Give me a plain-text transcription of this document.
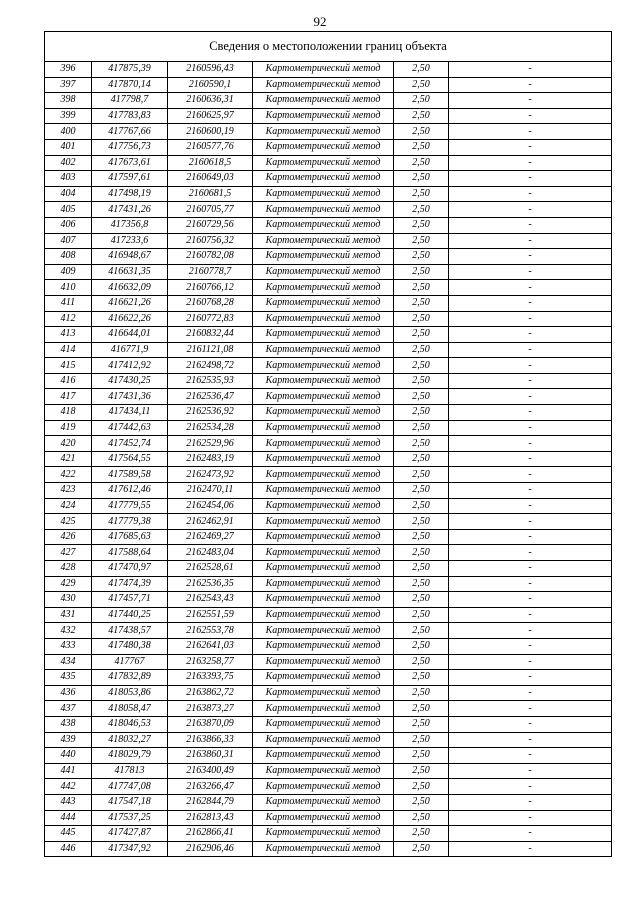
92
Сведения о местоположении границ объекта					
396	417875,39	2160596,43	Картометрический метод	2,50	-
397	417870,14	2160590,1	Картометрический метод	2,50	-
398	417798,7	2160636,31	Картометрический метод	2,50	-
399	417783,83	2160625,97	Картометрический метод	2,50	-
400	417767,66	2160600,19	Картометрический метод	2,50	-
401	417756,73	2160577,76	Картометрический метод	2,50	-
402	417673,61	2160618,5	Картометрический метод	2,50	-
403	417597,61	2160649,03	Картометрический метод	2,50	-
404	417498,19	2160681,5	Картометрический метод	2,50	-
405	417431,26	2160705,77	Картометрический метод	2,50	-
406	417356,8	2160729,56	Картометрический метод	2,50	-
407	417233,6	2160756,32	Картометрический метод	2,50	-
408	416948,67	2160782,08	Картометрический метод	2,50	-
409	416631,35	2160778,7	Картометрический метод	2,50	-
410	416632,09	2160766,12	Картометрический метод	2,50	-
411	416621,26	2160768,28	Картометрический метод	2,50	-
412	416622,26	2160772,83	Картометрический метод	2,50	-
413	416644,01	2160832,44	Картометрический метод	2,50	-
414	416771,9	2161121,08	Картометрический метод	2,50	-
415	417412,92	2162498,72	Картометрический метод	2,50	-
416	417430,25	2162535,93	Картометрический метод	2,50	-
417	417431,36	2162536,47	Картометрический метод	2,50	-
418	417434,11	2162536,92	Картометрический метод	2,50	-
419	417442,63	2162534,28	Картометрический метод	2,50	-
420	417452,74	2162529,96	Картометрический метод	2,50	-
421	417564,55	2162483,19	Картометрический метод	2,50	-
422	417589,58	2162473,92	Картометрический метод	2,50	-
423	417612,46	2162470,11	Картометрический метод	2,50	-
424	417779,55	2162454,06	Картометрический метод	2,50	-
425	417779,38	2162462,91	Картометрический метод	2,50	-
426	417685,63	2162469,27	Картометрический метод	2,50	-
427	417588,64	2162483,04	Картометрический метод	2,50	-
428	417470,97	2162528,61	Картометрический метод	2,50	-
429	417474,39	2162536,35	Картометрический метод	2,50	-
430	417457,71	2162543,43	Картометрический метод	2,50	-
431	417440,25	2162551,59	Картометрический метод	2,50	-
432	417438,57	2162553,78	Картометрический метод	2,50	-
433	417480,38	2162641,03	Картометрический метод	2,50	-
434	417767	2163258,77	Картометрический метод	2,50	-
435	417832,89	2163393,75	Картометрический метод	2,50	-
436	418053,86	2163862,72	Картометрический метод	2,50	-
437	418058,47	2163873,27	Картометрический метод	2,50	-
438	418046,53	2163870,09	Картометрический метод	2,50	-
439	418032,27	2163866,33	Картометрический метод	2,50	-
440	418029,79	2163860,31	Картометрический метод	2,50	-
441	417813	2163400,49	Картометрический метод	2,50	-
442	417747,08	2163266,47	Картометрический метод	2,50	-
443	417547,18	2162844,79	Картометрический метод	2,50	-
444	417537,25	2162813,43	Картометрический метод	2,50	-
445	417427,87	2162866,41	Картометрический метод	2,50	-
446	417347,92	2162906,46	Картометрический метод	2,50	-
